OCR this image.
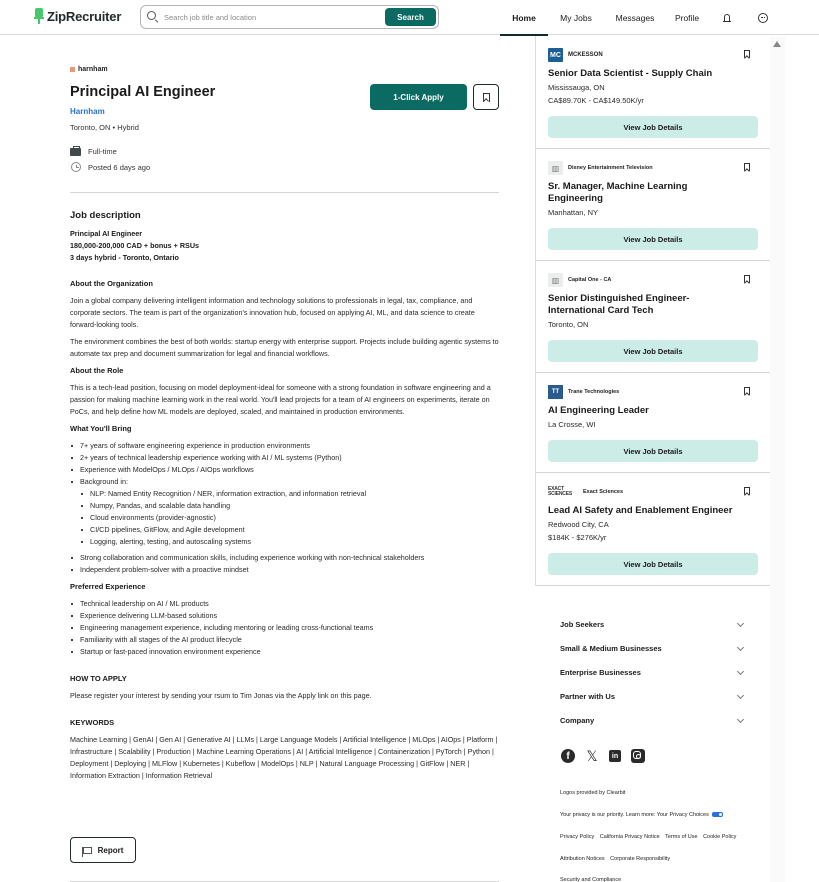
ZipRecruiter
Search job title and location	Search	Home	My Jobs	Messages	Profile
harnham
Principal AI Engineer
Harnham
Toronto, ON • Hybrid
1-Click Apply
Full-time
Posted 6 days ago
Job description
Principal AI Engineer
180,000-200,000 CAD + bonus + RSUs
3 days hybrid - Toronto, Ontario
About the Organization

Join a global company delivering intelligent information and technology solutions to professionals in legal, tax, compliance, and corporate sectors. The team is part of the organization's innovation hub, focused on applying AI, ML, and data science to create forward-looking tools.

The environment combines the best of both worlds: startup energy with enterprise support. Projects include building agentic systems to automate tax prep and document summarization for legal and financial workflows.

About the Role

This is a tech-lead position, focusing on model deployment-ideal for someone with a strong foundation in software engineering and a passion for making machine learning work in the real world. You'll lead projects for a team of AI engineers on experiments, iterate on PoCs, and help define how ML models are deployed, scaled, and maintained in production environments.

What You'll Bring
7+ years of software engineering experience in production environments
2+ years of technical leadership experience working with AI / ML systems (Python)
Experience with ModelOps / MLOps / AIOps workflows
Background in:
NLP: Named Entity Recognition / NER, information extraction, and information retrieval
Numpy, Pandas, and scalable data handling
Cloud environments (provider-agnostic)
CI/CD pipelines, GitFlow, and Agile development
Logging, alerting, testing, and autoscaling systems
Strong collaboration and communication skills, including experience working with non-technical stakeholders
Independent problem-solver with a proactive mindset
Preferred Experience
Technical leadership on AI / ML products
Experience delivering LLM-based solutions
Engineering management experience, including mentoring or leading cross-functional teams
Familiarity with all stages of the AI product lifecycle
Startup or fast-paced innovation environment experience
HOW TO APPLY

Please register your interest by sending your rsum to Tim Jonas via the Apply link on this page.

KEYWORDS

Machine Learning | GenAI | Gen AI | Generative AI | LLMs | Large Language Models | Artificial Intelligence | MLOps | AIOps | Platform | Infrastructure | Scalability | Production | Machine Learning Operations | AI | Artificial Intelligence | Containerization | PyTorch | Python | Deployment | Deploying | MLFlow | Kubernetes | Kubeflow | ModelOps | NLP | Natural Language Processing | GitFlow | NER | Information Extraction | Information Retrieval

Report
MC	MCKESSON
Senior Data Scientist - Supply Chain
Mississauga, ON
CA$89.70K - CA$149.50K/yr
View Job Details
▥	Disney Entertainment Television
Sr. Manager, Machine Learning Engineering
Manhattan, NY
View Job Details
▥	Capital One - CA
Senior Distinguished Engineer-International Card Tech
Toronto, ON
View Job Details
TT	Trane Technologies
AI Engineering Leader
La Crosse, WI
View Job Details
EXACT SCIENCES	Exact Sciences
Lead AI Safety and Enablement Engineer
Redwood City, CA
$184K - $276K/yr
View Job Details
Job Seekers
Small & Medium Businesses
Enterprise Businesses
Partner with Us
Company
f	𝕏	in
Logos provided by Clearbit
Your privacy is our priority. Learn more: Your Privacy Choices
Privacy Policy California Privacy Notice Terms of Use Cookie Policy
Attribution Notices Corporate Responsibility
Security and Compliance
